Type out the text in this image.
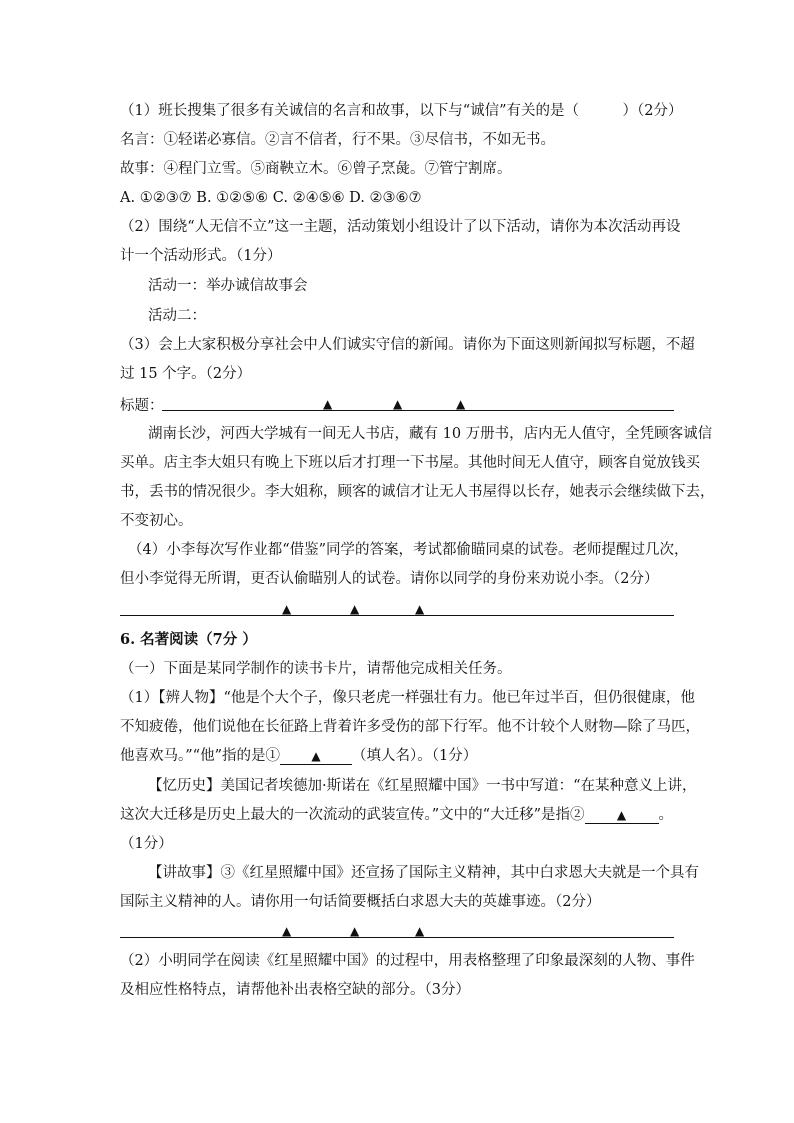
（1）班长搜集了很多有关诚信的名言和故事，以下与“诚信”有关的是（　　　）（2分）
名言：①轻诺必寡信。②言不信者，行不果。③尽信书，不如无书。
故事：④程门立雪。⑤商鞅立木。⑥曾子烹彘。⑦管宁割席。
A. ①②③⑦ B. ①②⑤⑥ C. ②④⑤⑥ D. ②③⑥⑦
（2）围绕“人无信不立”这一主题，活动策划小组设计了以下活动，请你为本次活动再设
计一个活动形式。（1分）
活动一：举办诚信故事会
活动二：
（3）会上大家积极分享社会中人们诚实守信的新闻。请你为下面这则新闻拟写标题，不超
过 15 个字。（2分）
标题：	▲	▲	▲
湖南长沙，河西大学城有一间无人书店，藏有 10 万册书，店内无人值守，全凭顾客诚信
买单。店主李大姐只有晚上下班以后才打理一下书屋。其他时间无人值守，顾客自觉放钱买
书，丢书的情况很少。李大姐称，顾客的诚信才让无人书屋得以长存，她表示会继续做下去，
不变初心。
（4）小李每次写作业都“借鉴”同学的答案，考试都偷瞄同桌的试卷。老师提醒过几次，
但小李觉得无所谓，更否认偷瞄别人的试卷。请你以同学的身份来劝说小李。（2分）
▲	▲	▲
6. 名著阅读（7分 ）
（一）下面是某同学制作的读书卡片，请帮他完成相关任务。
（1）【辨人物】“他是个大个子，像只老虎一样强壮有力。他已年过半百，但仍很健康，他
不知疲倦，他们说他在长征路上背着许多受伤的部下行军。他不计较个人财物—除了马匹，
他喜欢马。”“他”指的是①	▲ （填人名）。（1分）
【忆历史】美国记者埃德加·斯诺在《红星照耀中国》一书中写道：“在某种意义上讲，
这次大迁移是历史上最大的一次流动的武装宣传。”文中的“大迁移”是指②	▲ 。
（1分）
【讲故事】③《红星照耀中国》还宣扬了国际主义精神，其中白求恩大夫就是一个具有
国际主义精神的人。请你用一句话简要概括白求恩大夫的英雄事迹。（2分）
▲	▲	▲
（2）小明同学在阅读《红星照耀中国》的过程中，用表格整理了印象最深刻的人物、事件
及相应性格特点，请帮他补出表格空缺的部分。（3分）
